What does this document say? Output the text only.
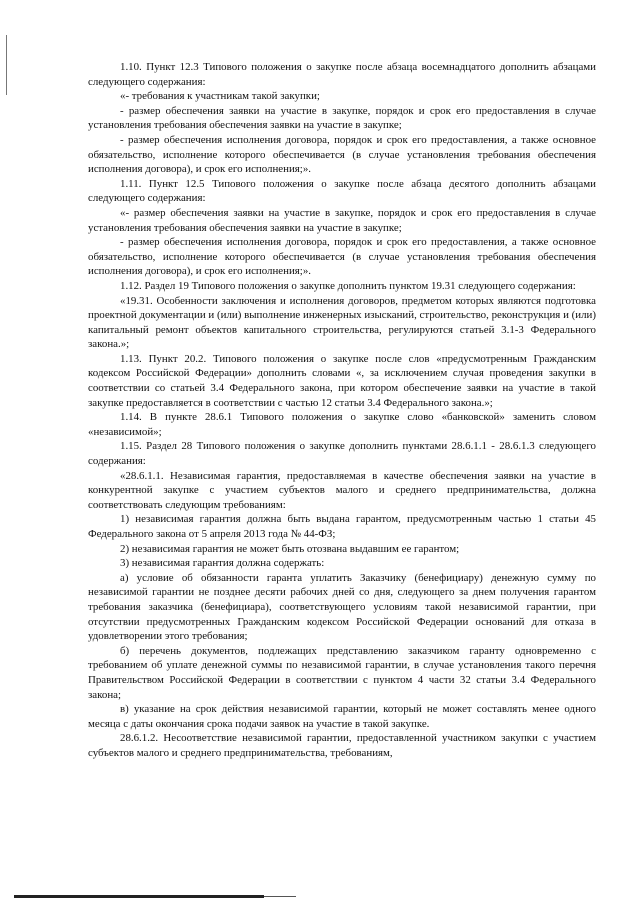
1.10. Пункт 12.3 Типового положения о закупке после абзаца восемнадцатого дополнить абзацами следующего содержания:

«- требования к участникам такой закупки;

- размер обеспечения заявки на участие в закупке, порядок и срок его предоставления в случае установления требования обеспечения заявки на участие в закупке;

- размер обеспечения исполнения договора, порядок и срок его предоставления, а также основное обязательство, исполнение которого обеспечивается (в случае установления требования обеспечения исполнения договора), и срок его исполнения;».

1.11. Пункт 12.5 Типового положения о закупке после абзаца десятого дополнить абзацами следующего содержания:

«- размер обеспечения заявки на участие в закупке, порядок и срок его предоставления в случае установления требования обеспечения заявки на участие в закупке;

- размер обеспечения исполнения договора, порядок и срок его предоставления, а также основное обязательство, исполнение которого обеспечивается (в случае установления требования обеспечения исполнения договора), и срок его исполнения;».

1.12. Раздел 19 Типового положения о закупке дополнить пунктом 19.31 следующего содержания:

«19.31. Особенности заключения и исполнения договоров, предметом которых являются подготовка проектной документации и (или) выполнение инженерных изысканий, строительство, реконструкция и (или) капитальный ремонт объектов капитального строительства, регулируются статьей 3.1-3 Федерального закона.»;

1.13. Пункт 20.2. Типового положения о закупке после слов «предусмотренным Гражданским кодексом Российской Федерации» дополнить словами «, за исключением случая проведения закупки в соответствии со статьей 3.4 Федерального закона, при котором обеспечение заявки на участие в такой закупке предоставляется в соответствии с частью 12 статьи 3.4 Федерального закона.»;

1.14. В пункте 28.6.1 Типового положения о закупке слово «банковской» заменить словом «независимой»;

1.15. Раздел 28 Типового положения о закупке дополнить пунктами 28.6.1.1 - 28.6.1.3 следующего содержания:

«28.6.1.1. Независимая гарантия, предоставляемая в качестве обеспечения заявки на участие в конкурентной закупке с участием субъектов малого и среднего предпринимательства, должна соответствовать следующим требованиям:

1) независимая гарантия должна быть выдана гарантом, предусмотренным частью 1 статьи 45 Федерального закона от 5 апреля 2013 года № 44-ФЗ;

2) независимая гарантия не может быть отозвана выдавшим ее гарантом;

3) независимая гарантия должна содержать:

а) условие об обязанности гаранта уплатить Заказчику (бенефициару) денежную сумму по независимой гарантии не позднее десяти рабочих дней со дня, следующего за днем получения гарантом требования заказчика (бенефициара), соответствующего условиям такой независимой гарантии, при отсутствии предусмотренных Гражданским кодексом Российской Федерации оснований для отказа в удовлетворении этого требования;

б) перечень документов, подлежащих представлению заказчиком гаранту одновременно с требованием об уплате денежной суммы по независимой гарантии, в случае установления такого перечня Правительством Российской Федерации в соответствии с пунктом 4 части 32 статьи 3.4 Федерального закона;

в) указание на срок действия независимой гарантии, который не может составлять менее одного месяца с даты окончания срока подачи заявок на участие в такой закупке.

28.6.1.2. Несоответствие независимой гарантии, предоставленной участником закупки с участием субъектов малого и среднего предпринимательства, требованиям,
